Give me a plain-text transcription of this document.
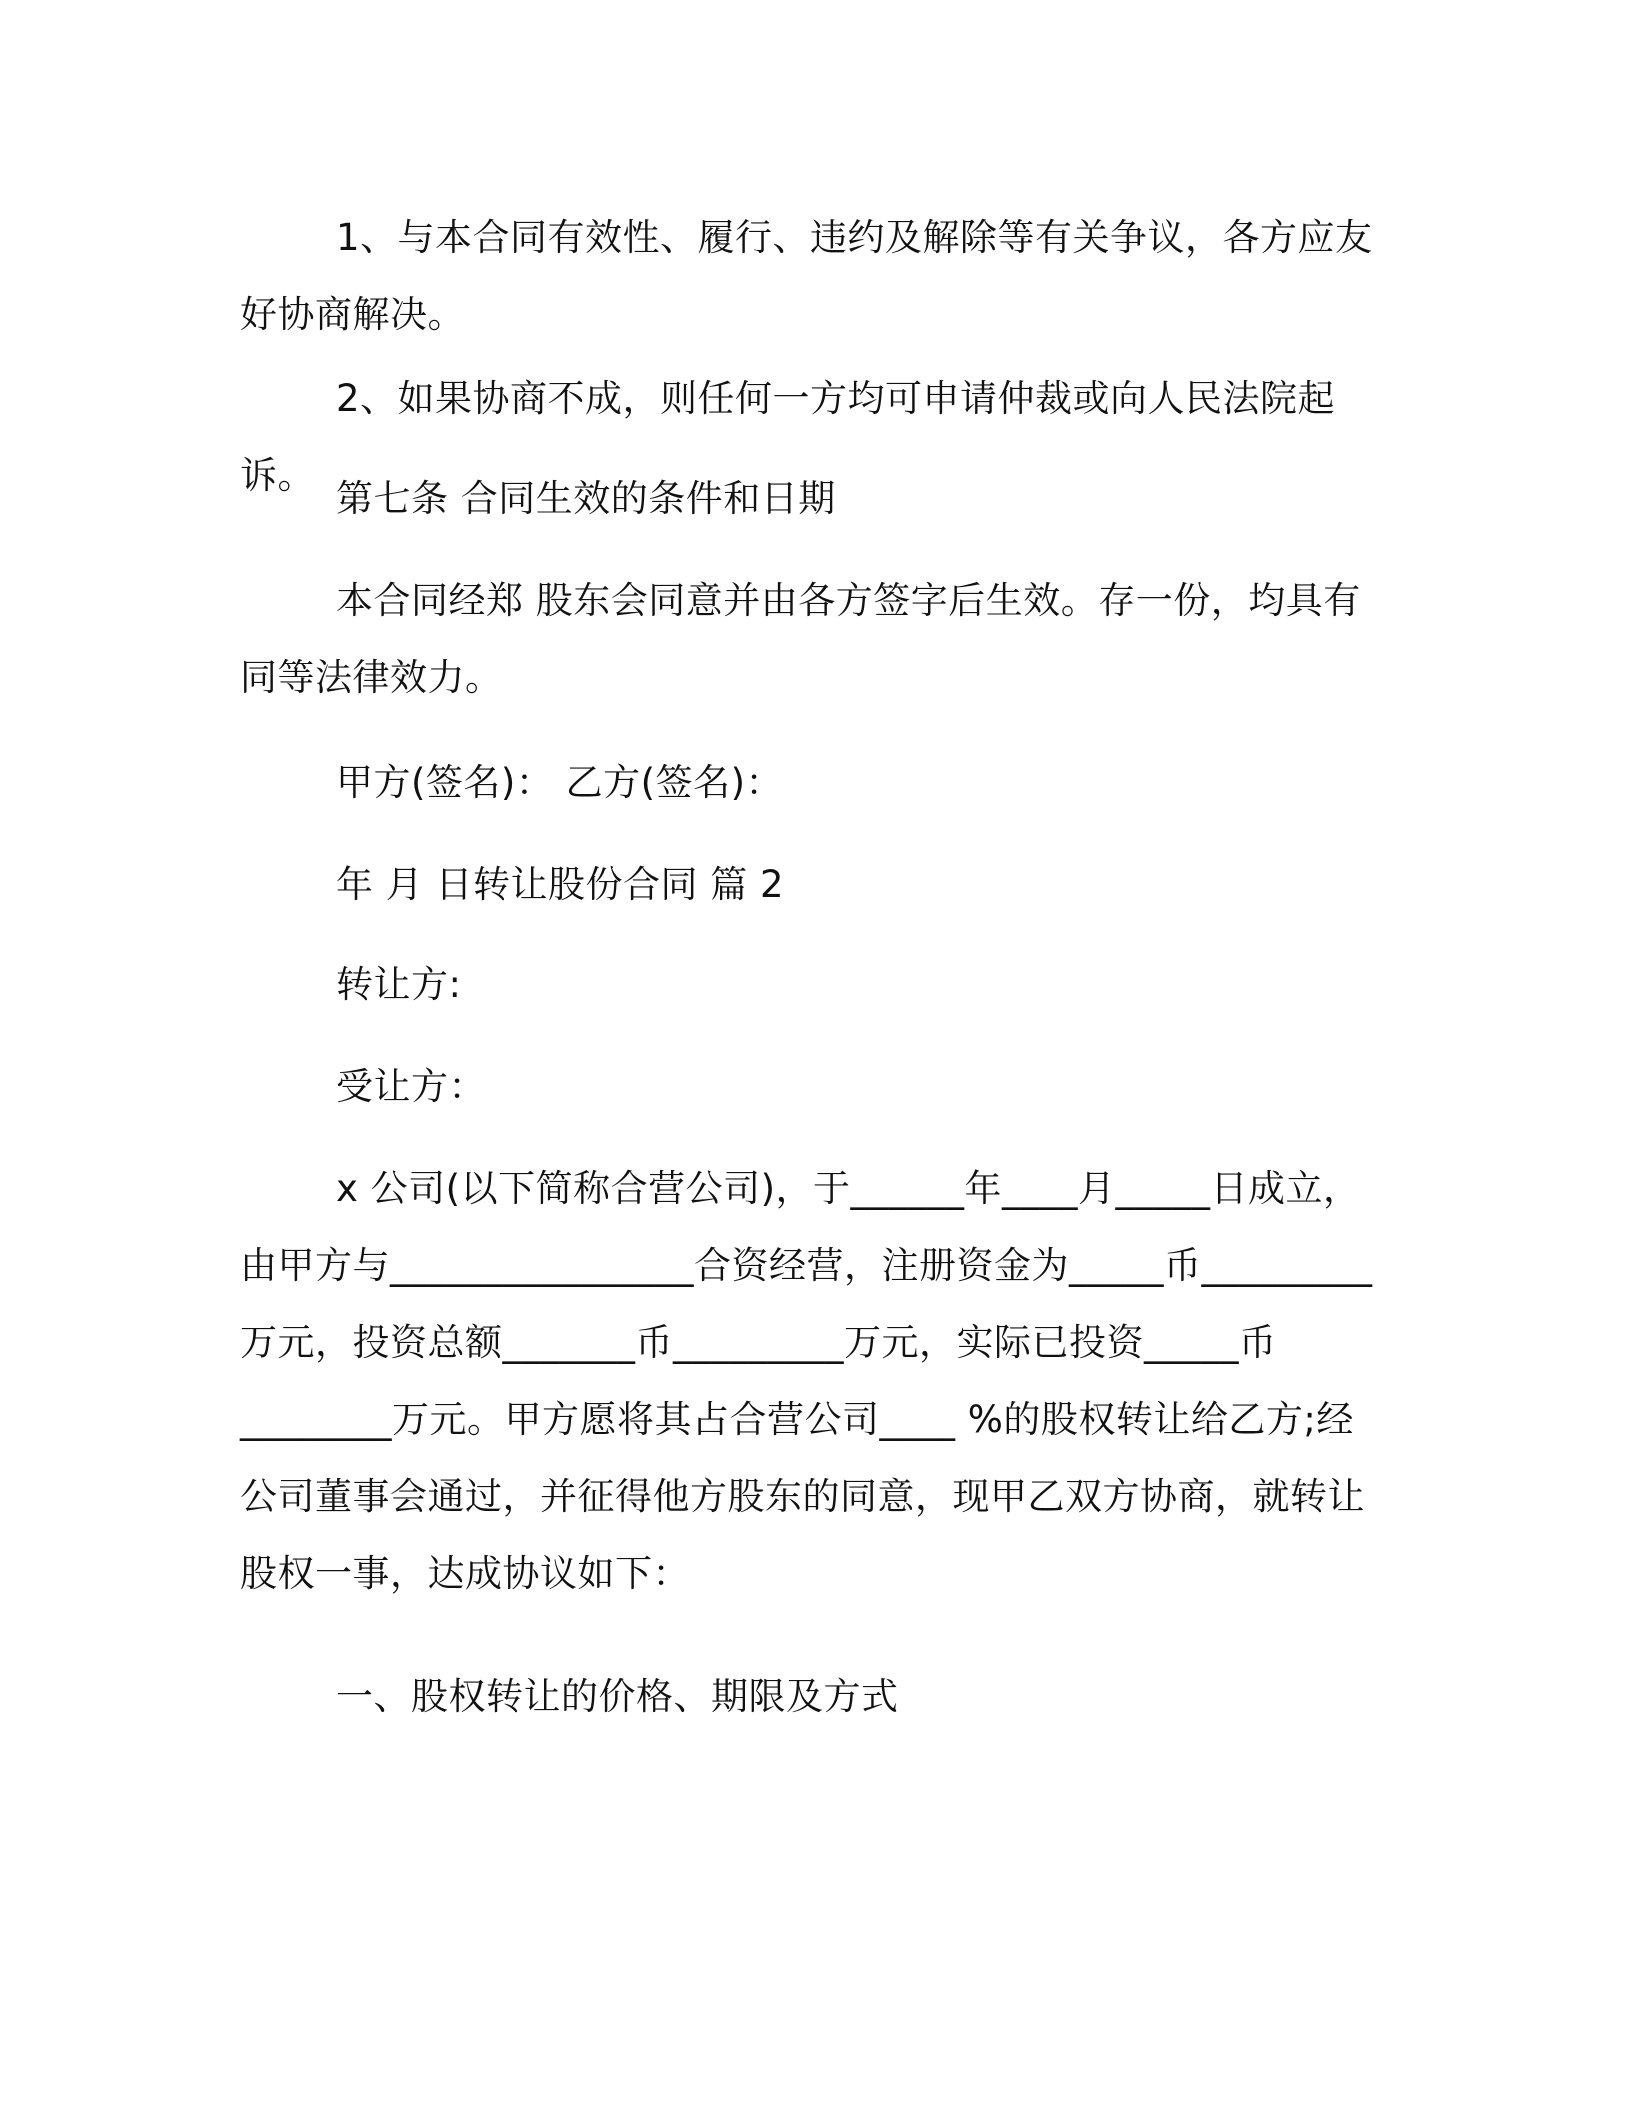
1、与本合同有效性、履行、违约及解除等有关争议，各方应友好协商解决。

2、如果协商不成，则任何一方均可申请仲裁或向人民法院起诉。

第七条 合同生效的条件和日期

本合同经郑 股东会同意并由各方签字后生效。存一份，均具有同等法律效力。

甲方(签名)： 乙方(签名)：

年 月 日转让股份合同 篇 2

转让方:

受让方：

x 公司(以下简称合营公司)，于______年____月_____日成立，由甲方与________________合资经营，注册资金为_____币_________万元，投资总额_______币_________万元，实际已投资_____币________万元。甲方愿将其占合营公司____ %的股权转让给乙方;经公司董事会通过，并征得他方股东的同意，现甲乙双方协商，就转让股权一事，达成协议如下：

一、股权转让的价格、期限及方式
